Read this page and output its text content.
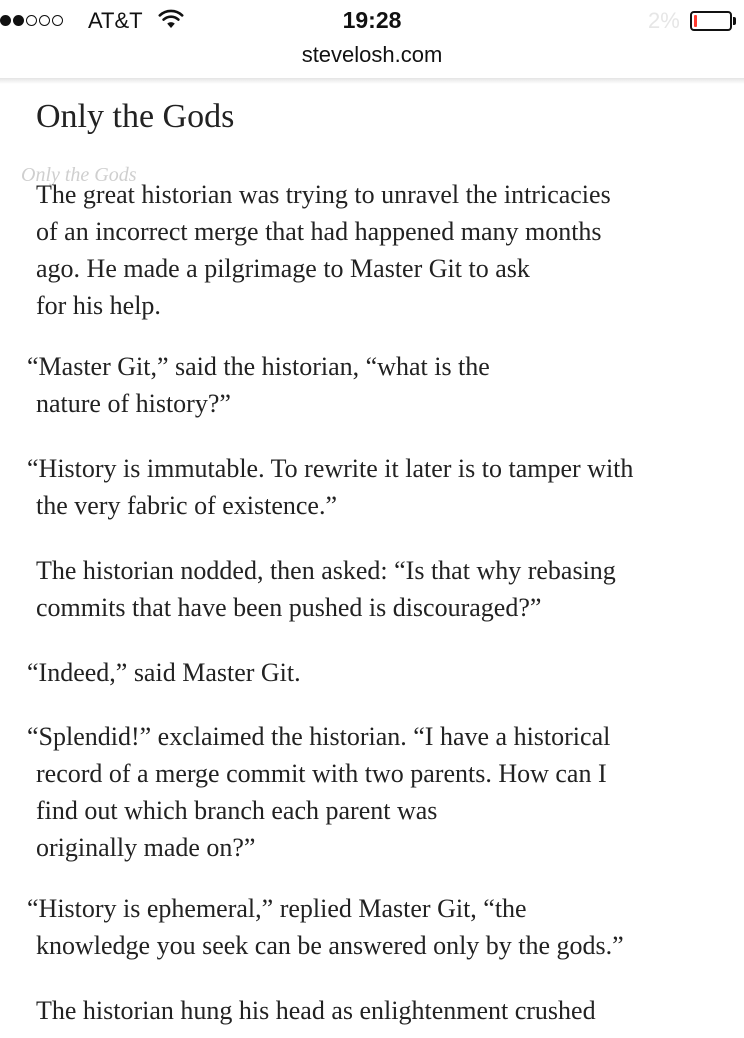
AT&T	19:28	2%
stevelosh.com
Only the Gods
Only the Gods

The great historian was trying to unravel the intricacies
of an incorrect merge that had happened many months
ago. He made a pilgrimage to Master Git to ask
for his help.

“Master Git,” said the historian, “what is the
nature of history?”

“History is immutable. To rewrite it later is to tamper with
the very fabric of existence.”

The historian nodded, then asked: “Is that why rebasing
commits that have been pushed is discouraged?”

“Indeed,” said Master Git.

“Splendid!” exclaimed the historian. “I have a historical
record of a merge commit with two parents. How can I
find out which branch each parent was
originally made on?”

“History is ephemeral,” replied Master Git, “the
knowledge you seek can be answered only by the gods.”

The historian hung his head as enlightenment crushed
